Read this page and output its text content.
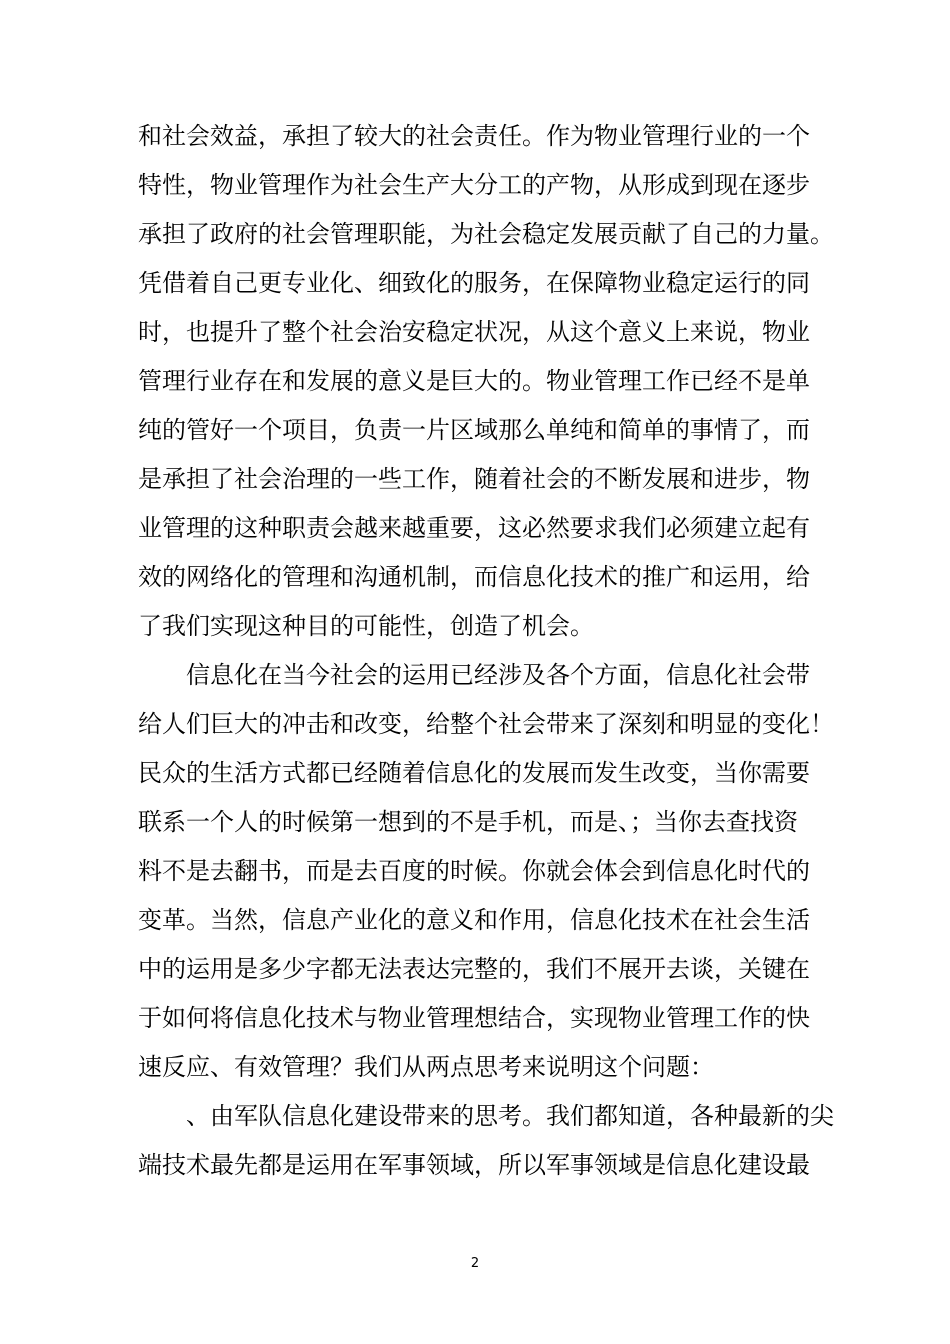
和社会效益，承担了较大的社会责任。作为物业管理行业的一个
特性，物业管理作为社会生产大分工的产物，从形成到现在逐步
承担了政府的社会管理职能，为社会稳定发展贡献了自己的力量。
凭借着自己更专业化、细致化的服务，在保障物业稳定运行的同
时，也提升了整个社会治安稳定状况，从这个意义上来说，物业
管理行业存在和发展的意义是巨大的。物业管理工作已经不是单
纯的管好一个项目，负责一片区域那么单纯和简单的事情了，而
是承担了社会治理的一些工作，随着社会的不断发展和进步，物
业管理的这种职责会越来越重要，这必然要求我们必须建立起有
效的网络化的管理和沟通机制，而信息化技术的推广和运用，给
了我们实现这种目的可能性，创造了机会。
信息化在当今社会的运用已经涉及各个方面，信息化社会带
给人们巨大的冲击和改变，给整个社会带来了深刻和明显的变化！
民众的生活方式都已经随着信息化的发展而发生改变，当你需要
联系一个人的时候第一想到的不是手机，而是、；当你去查找资
料不是去翻书，而是去百度的时候。你就会体会到信息化时代的
变革。当然，信息产业化的意义和作用，信息化技术在社会生活
中的运用是多少字都无法表达完整的，我们不展开去谈，关键在
于如何将信息化技术与物业管理想结合，实现物业管理工作的快
速反应、有效管理？我们从两点思考来说明这个问题：
、由军队信息化建设带来的思考。我们都知道，各种最新的尖
端技术最先都是运用在军事领域，所以军事领域是信息化建设最
2
